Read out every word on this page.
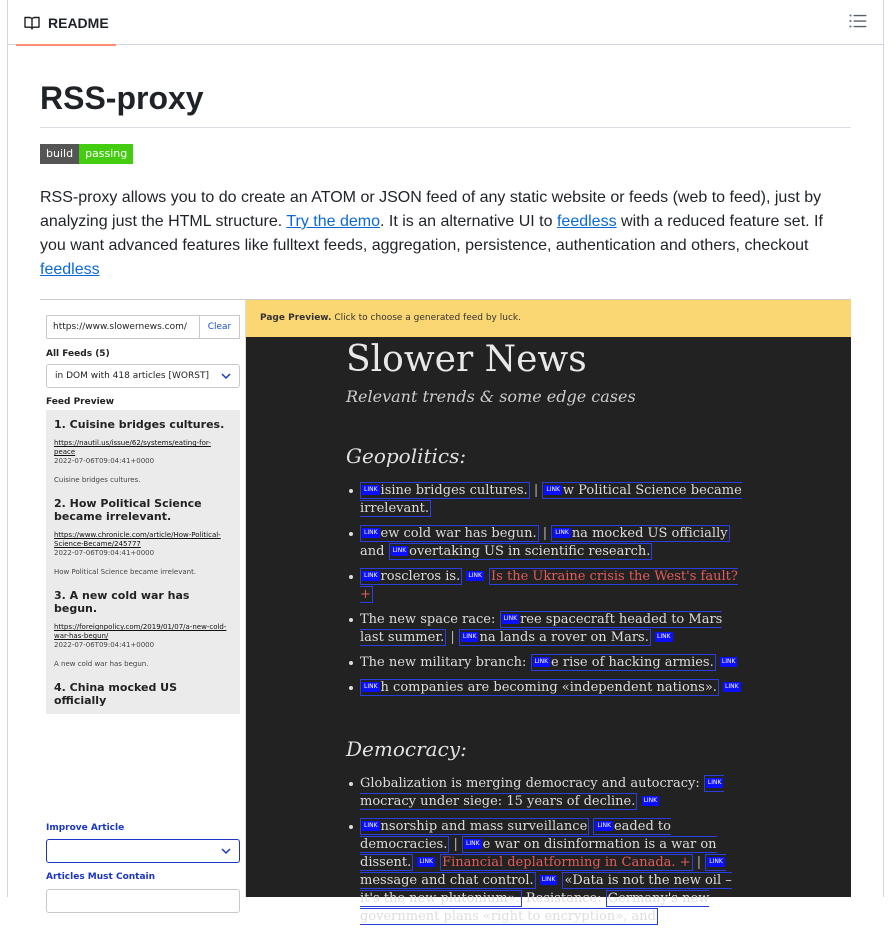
README
RSS-proxy
build	passing

RSS-proxy allows you to do create an ATOM or JSON feed of any static website or feeds (web to feed), just by analyzing just the HTML structure. Try the demo. It is an alternative UI to feedless with a reduced feature set. If you want advanced features like fulltext feeds, aggregation, persistence, authentication and others, checkout feedless

https://www.slowernews.com/	Clear
All Feeds (5)
in DOM with 418 articles [WORST]
Feed Preview
1. Cuisine bridges cultures.
https://nautil.us/issue/62/systems/eating-for-peace
2022-07-06T09:04:41+0000
Cuisine bridges cultures.
2. How Political Science became irrelevant.
https://www.chronicle.com/article/How-Political-Science-Became/245777
2022-07-06T09:04:41+0000
How Political Science became irrelevant.
3. A new cold war has begun.
https://foreignpolicy.com/2019/01/07/a-new-cold-war-has-begun/
2022-07-06T09:04:41+0000
A new cold war has begun.
4. China mocked US officially
Improve Article
Articles Must Contain
Page Preview. Click to choose a generated feed by luck.
Slower News
Relevant trends & some edge cases
Geopolitics:
LINK isine bridges cultures. | LINK w Political Science became irrelevant.
LINK ew cold war has begun. | LINK na mocked US officially and LINK overtaking US in scientific research.
LINK roscleros is. LINK Is the Ukraine crisis the West's fault? +
The new space race: LINK ree spacecraft headed to Mars last summer. | LINK na lands a rover on Mars. LINK
The new military branch: LINK e rise of hacking armies. LINK
LINK h companies are becoming «independent nations». LINK
Democracy:
Globalization is merging democracy and autocracy: LINKmocracy under siege: 15 years of decline. LINK
LINK nsorship and mass surveillance LINK eaded to democracies. | LINK e war on disinformation is a war on dissent. LINK Financial deplatforming in Canada. + | LINKmessage and chat control. LINK «Data is not the new oil – it's the new plutonium». Resistance: Germany's new government plans «right to encryption», and
